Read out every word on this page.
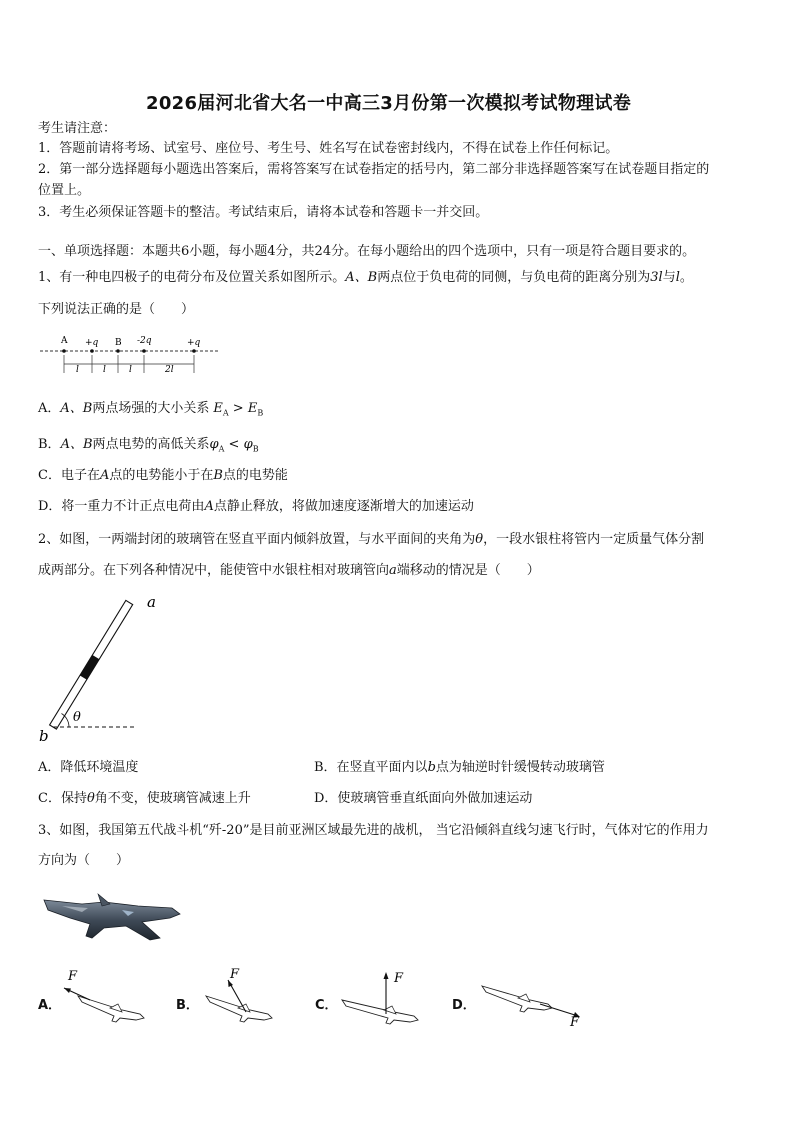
2026届河北省大名一中高三3月份第一次模拟考试物理试卷
考生请注意：
1．答题前请将考场、试室号、座位号、考生号、姓名写在试卷密封线内，不得在试卷上作任何标记。
2．第一部分选择题每小题选出答案后，需将答案写在试卷指定的括号内，第二部分非选择题答案写在试卷题目指定的
位置上。
3．考生必须保证答题卡的整洁。考试结束后，请将本试卷和答题卡一并交回。
一、单项选择题：本题共6小题，每小题4分，共24分。在每小题给出的四个选项中，只有一项是符合题目要求的。
1、有一种电四极子的电荷分布及位置关系如图所示。A、B两点位于负电荷的同侧，与负电荷的距离分别为3l与l。
下列说法正确的是（　　）
A +q B -2q	+q
l	l	l	2l
A．A、B两点场强的大小关系 $E_A > E_B$
B．A、B两点电势的高低关系$\varphi_A < \varphi_B$
C．电子在A点的电势能小于在B点的电势能
D．将一重力不计正点电荷由A点静止释放，将做加速度逐渐增大的加速运动
2、如图，一两端封闭的玻璃管在竖直平面内倾斜放置，与水平面间的夹角为θ，一段水银柱将管内一定质量气体分割
成两部分。在下列各种情况中，能使管中水银柱相对玻璃管向a端移动的情况是（　　）
a
b
θ
A．降低环境温度	B．在竖直平面内以b点为轴逆时针缓慢转动玻璃管
C．保持θ角不变，使玻璃管减速上升	D．使玻璃管垂直纸面向外做加速运动
3、如图，我国第五代战斗机“歼-20”是目前亚洲区域最先进的战机， 当它沿倾斜直线匀速飞行时，气体对它的作用力
方向为（　　）
A．
F
B．
F
C．
F
D．
F
